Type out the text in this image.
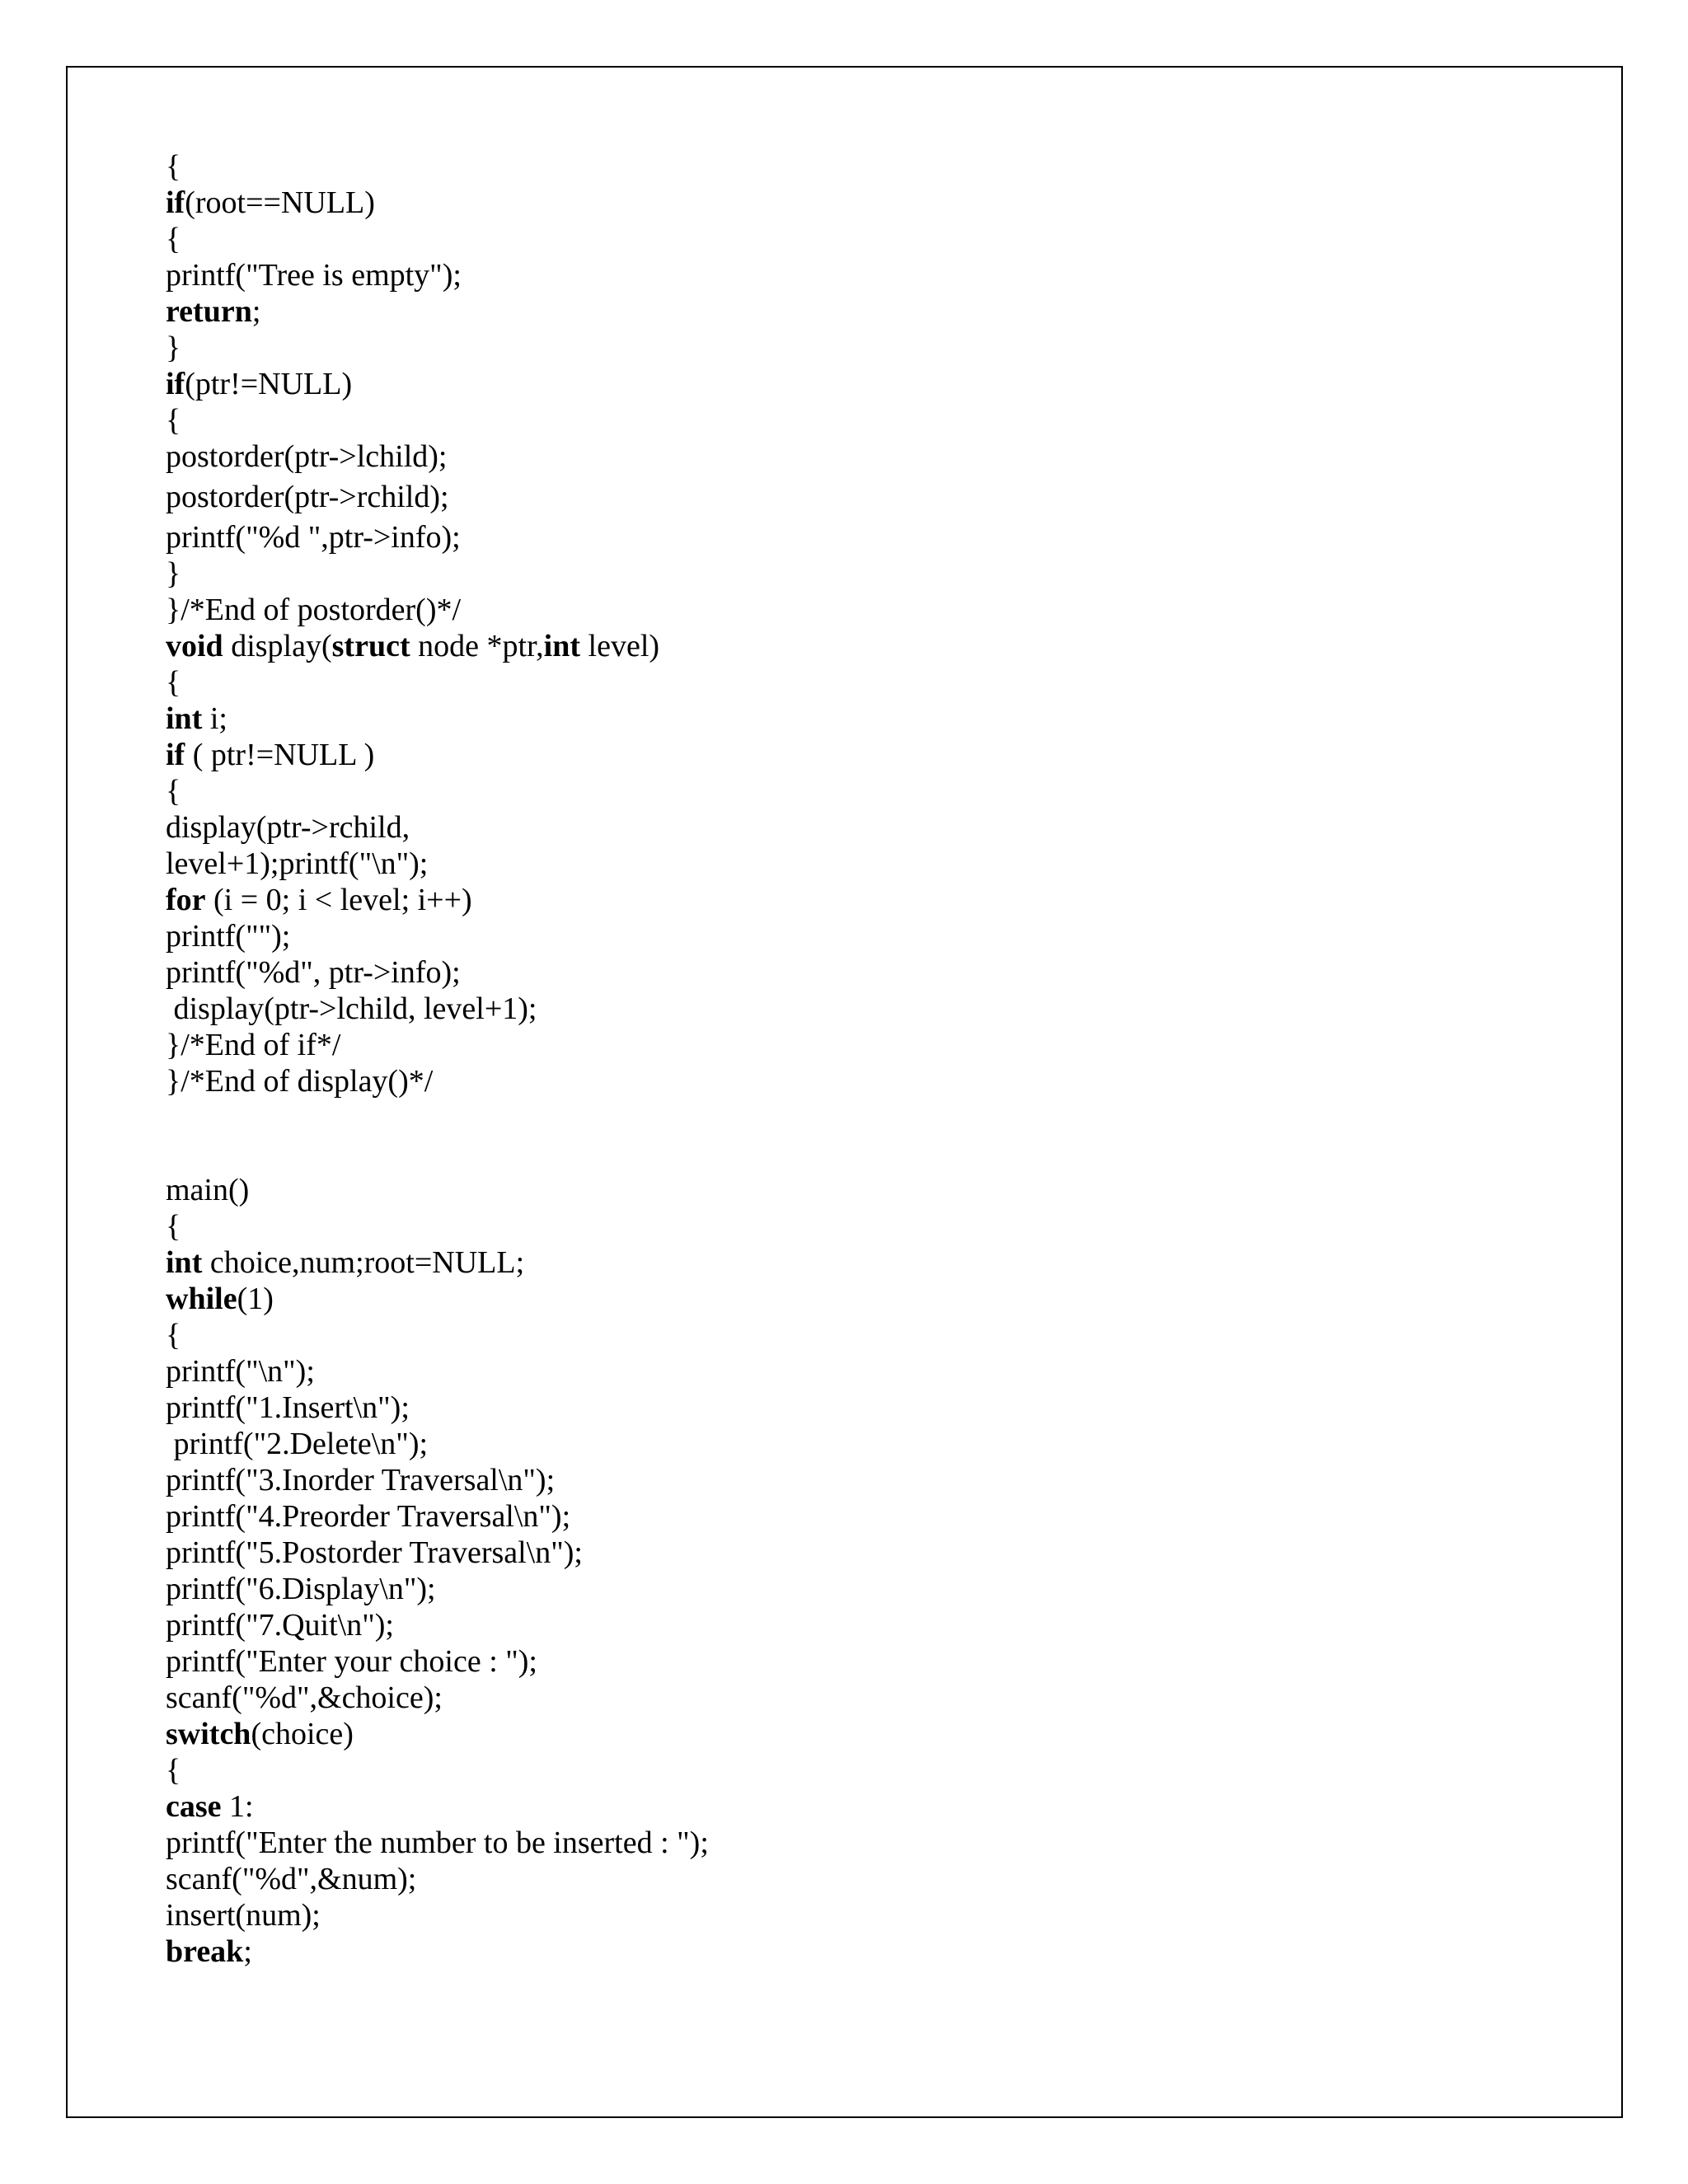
{
if(root==NULL)
{
printf("Tree is empty");
return;
}
if(ptr!=NULL)
{
postorder(ptr->lchild);
postorder(ptr->rchild);
printf("%d ",ptr->info);
}
}/*End of postorder()*/
void display(struct node *ptr,int level)
{
int i;
if ( ptr!=NULL )
{
display(ptr->rchild,
level+1);printf("\n");
for (i = 0; i < level; i++)
printf("");
printf("%d", ptr->info);
display(ptr->lchild, level+1);
}/*End of if*/
}/*End of display()*/
main()
{
int choice,num;root=NULL;
while(1)
{
printf("\n");
printf("1.Insert\n");
printf("2.Delete\n");
printf("3.Inorder Traversal\n");
printf("4.Preorder Traversal\n");
printf("5.Postorder Traversal\n");
printf("6.Display\n");
printf("7.Quit\n");
printf("Enter your choice : ");
scanf("%d",&choice);
switch(choice)
{
case 1:
printf("Enter the number to be inserted : ");
scanf("%d",&num);
insert(num);
break;
